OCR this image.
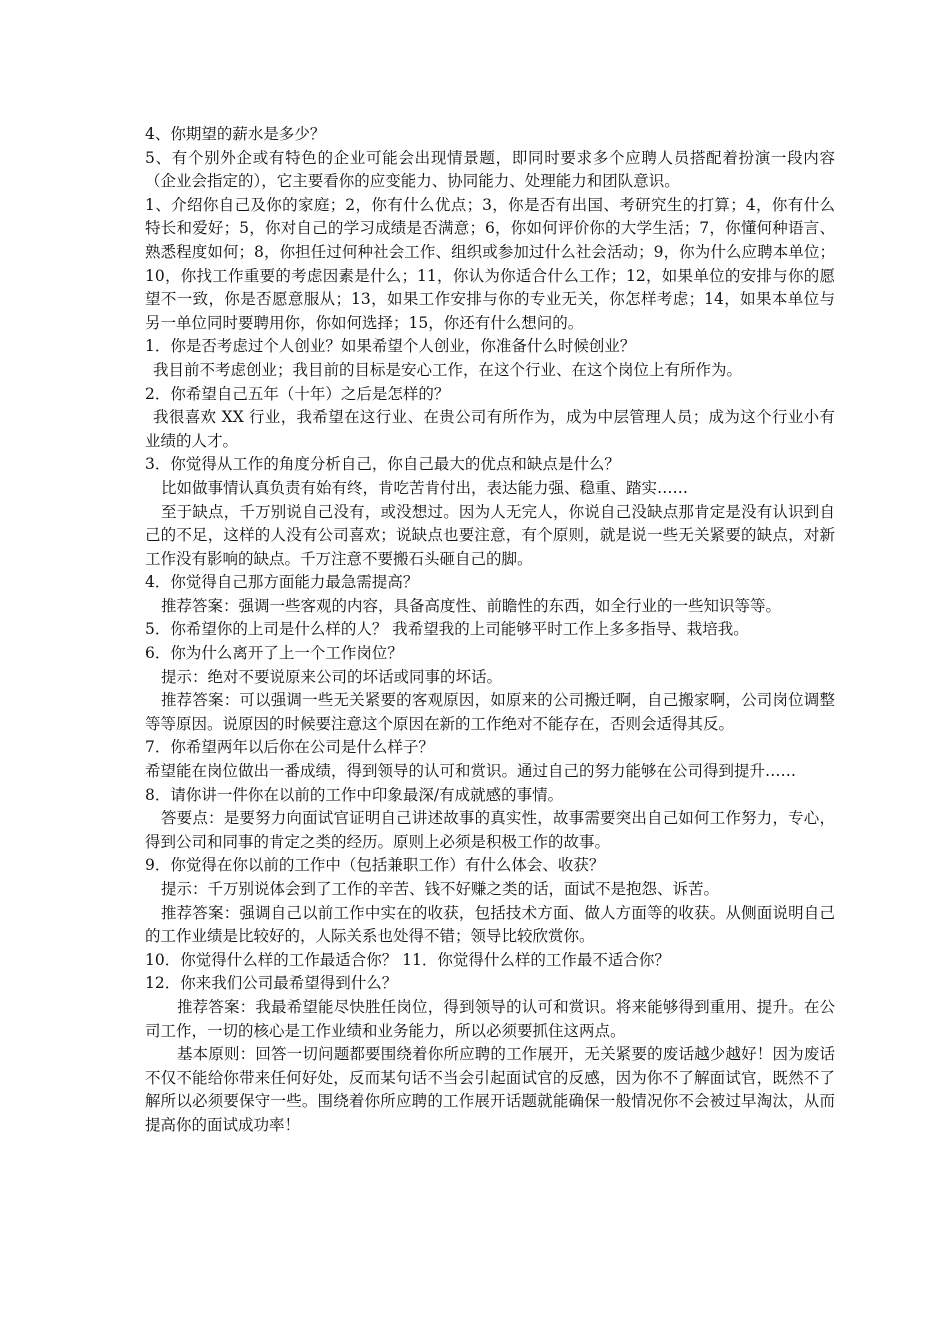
4、你期望的薪水是多少？

5、有个别外企或有特色的企业可能会出现情景题，即同时要求多个应聘人员搭配着扮演一段内容（企业会指定的），它主要看你的应变能力、协同能力、处理能力和团队意识。

1、介绍你自己及你的家庭；2，你有什么优点；3，你是否有出国、考研究生的打算；4，你有什么特长和爱好；5，你对自己的学习成绩是否满意；6，你如何评价你的大学生活；7，你懂何种语言、熟悉程度如何；8，你担任过何种社会工作、组织或参加过什么社会活动；9，你为什么应聘本单位；10，你找工作重要的考虑因素是什么；11，你认为你适合什么工作；12，如果单位的安排与你的愿望不一致，你是否愿意服从；13，如果工作安排与你的专业无关，你怎样考虑；14，如果本单位与另一单位同时要聘用你，你如何选择；15，你还有什么想问的。

1．你是否考虑过个人创业？如果希望个人创业，你准备什么时候创业？

我目前不考虑创业；我目前的目标是安心工作，在这个行业、在这个岗位上有所作为。

2．你希望自己五年（十年）之后是怎样的？

我很喜欢 XX 行业，我希望在这行业、在贵公司有所作为，成为中层管理人员；成为这个行业小有业绩的人才。

3．你觉得从工作的角度分析自己，你自己最大的优点和缺点是什么？

比如做事情认真负责有始有终，肯吃苦肯付出，表达能力强、稳重、踏实……

至于缺点，千万别说自己没有，或没想过。因为人无完人，你说自己没缺点那肯定是没有认识到自己的不足，这样的人没有公司喜欢；说缺点也要注意，有个原则，就是说一些无关紧要的缺点，对新工作没有影响的缺点。千万注意不要搬石头砸自己的脚。

4．你觉得自己那方面能力最急需提高？

推荐答案：强调一些客观的内容，具备高度性、前瞻性的东西，如全行业的一些知识等等。

5．你希望你的上司是什么样的人？ 我希望我的上司能够平时工作上多多指导、栽培我。

6．你为什么离开了上一个工作岗位？

提示：绝对不要说原来公司的坏话或同事的坏话。

推荐答案：可以强调一些无关紧要的客观原因，如原来的公司搬迁啊，自己搬家啊，公司岗位调整等等原因。说原因的时候要注意这个原因在新的工作绝对不能存在，否则会适得其反。

7．你希望两年以后你在公司是什么样子？

希望能在岗位做出一番成绩，得到领导的认可和赏识。通过自己的努力能够在公司得到提升……

8．请你讲一件你在以前的工作中印象最深/有成就感的事情。

答要点：是要努力向面试官证明自己讲述故事的真实性，故事需要突出自己如何工作努力，专心，得到公司和同事的肯定之类的经历。原则上必须是积极工作的故事。

9．你觉得在你以前的工作中（包括兼职工作）有什么体会、收获？

提示：千万别说体会到了工作的辛苦、钱不好赚之类的话，面试不是抱怨、诉苦。

推荐答案：强调自己以前工作中实在的收获，包括技术方面、做人方面等的收获。从侧面说明自己的工作业绩是比较好的，人际关系也处得不错；领导比较欣赏你。

10．你觉得什么样的工作最适合你？ 11．你觉得什么样的工作最不适合你？

12．你来我们公司最希望得到什么？

推荐答案：我最希望能尽快胜任岗位，得到领导的认可和赏识。将来能够得到重用、提升。在公司工作，一切的核心是工作业绩和业务能力，所以必须要抓住这两点。

基本原则：回答一切问题都要围绕着你所应聘的工作展开，无关紧要的废话越少越好！因为废话不仅不能给你带来任何好处，反而某句话不当会引起面试官的反感，因为你不了解面试官，既然不了解所以必须要保守一些。围绕着你所应聘的工作展开话题就能确保一般情况你不会被过早淘汰，从而提高你的面试成功率！
